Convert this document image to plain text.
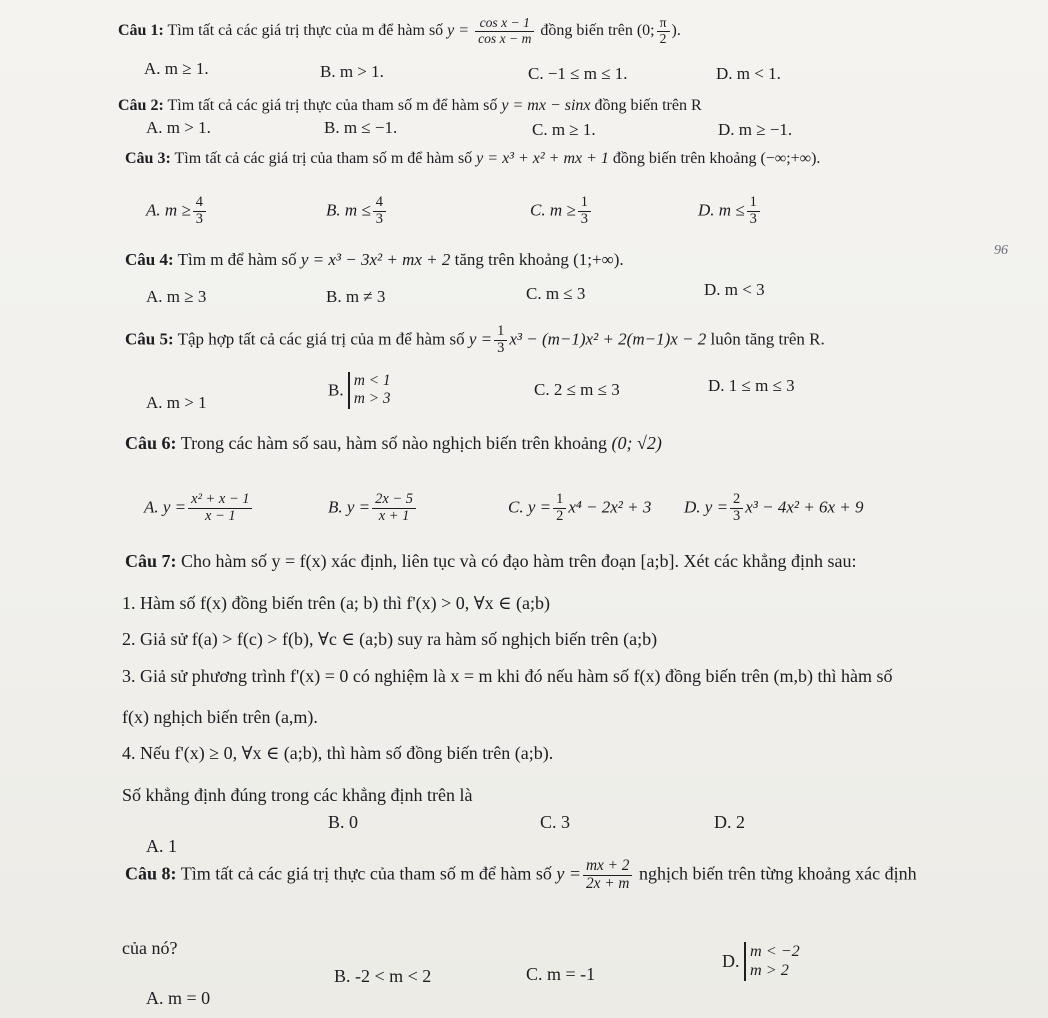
Câu 1: Tìm tất cả các giá trị thực của m để hàm số $y = \frac{\text{cos x − 1}}{\text{cos x − m}}$ đồng biến trên (0; $\frac{\pi}{2}$ ).
A. m ≥ 1.	B. m > 1.	C. −1 ≤ m ≤ 1.	D. m < 1.
Câu 2: Tìm tất cả các giá trị thực của tham số m để hàm số y = mx − sinx đồng biến trên R
A. m > 1.	B. m ≤ −1.	C. m ≥ 1.	D. m ≥ −1.
Câu 3: Tìm tất cả các giá trị của tham số m để hàm số y = x³ + x² + mx + 1 đồng biến trên khoảng (−∞;+∞).
A. $m \ge \frac{4}{3}$	B. $m \le \frac{4}{3}$	C. $m \ge \frac{1}{3}$	D. $m \le \frac{1}{3}$
Câu 4: Tìm m để hàm số y = x³ − 3x² + mx + 2 tăng trên khoảng (1;+∞).	96
A. m ≥ 3	B. m ≠ 3	C. m ≤ 3	D. m < 3
Câu 5: Tập hợp tất cả các giá trị của m để hàm số $y = \frac{1}{3} x^3 - (m-1)x^2 + 2(m-1)x - 2$ luôn tăng trên R.
A. m > 1
B. m < 1
m > 3	C. 2 ≤ m ≤ 3	D. 1 ≤ m ≤ 3
Câu 6: Trong các hàm số sau, hàm số nào nghịch biến trên khoảng (0; √2)
A. $y = \frac{\text{x² + x − 1}}{x - 1}$	B. $y = \frac{2x - 5}{x + 1}$	C. $y = \frac{1}{2} x^4 - 2x^2 + 3$ D. $y = \frac{2}{3} x^3 - 4x^2 + 6x + 9$
Câu 7: Cho hàm số y = f(x) xác định, liên tục và có đạo hàm trên đoạn [a;b]. Xét các khẳng định sau:
1. Hàm số f(x) đồng biến trên (a; b) thì f'(x) > 0, ∀x ∈ (a;b)
2. Giả sử f(a) > f(c) > f(b), ∀c ∈ (a;b) suy ra hàm số nghịch biến trên (a;b)
3. Giả sử phương trình f'(x) = 0 có nghiệm là x = m khi đó nếu hàm số f(x) đồng biến trên (m,b) thì hàm số
f(x) nghịch biến trên (a,m).
4. Nếu f'(x) ≥ 0, ∀x ∈ (a;b), thì hàm số đồng biến trên (a;b).
Số khẳng định đúng trong các khẳng định trên là
A. 1
B. 0	C. 3	D. 2
Câu 8: Tìm tất cả các giá trị thực của tham số m để hàm số $y = \frac{mx + 2}{2x + m}$ nghịch biến trên từng khoảng xác định
của nó?
A. m = 0
B. -2 < m < 2	C. m = -1
D. m < −2
m > 2
